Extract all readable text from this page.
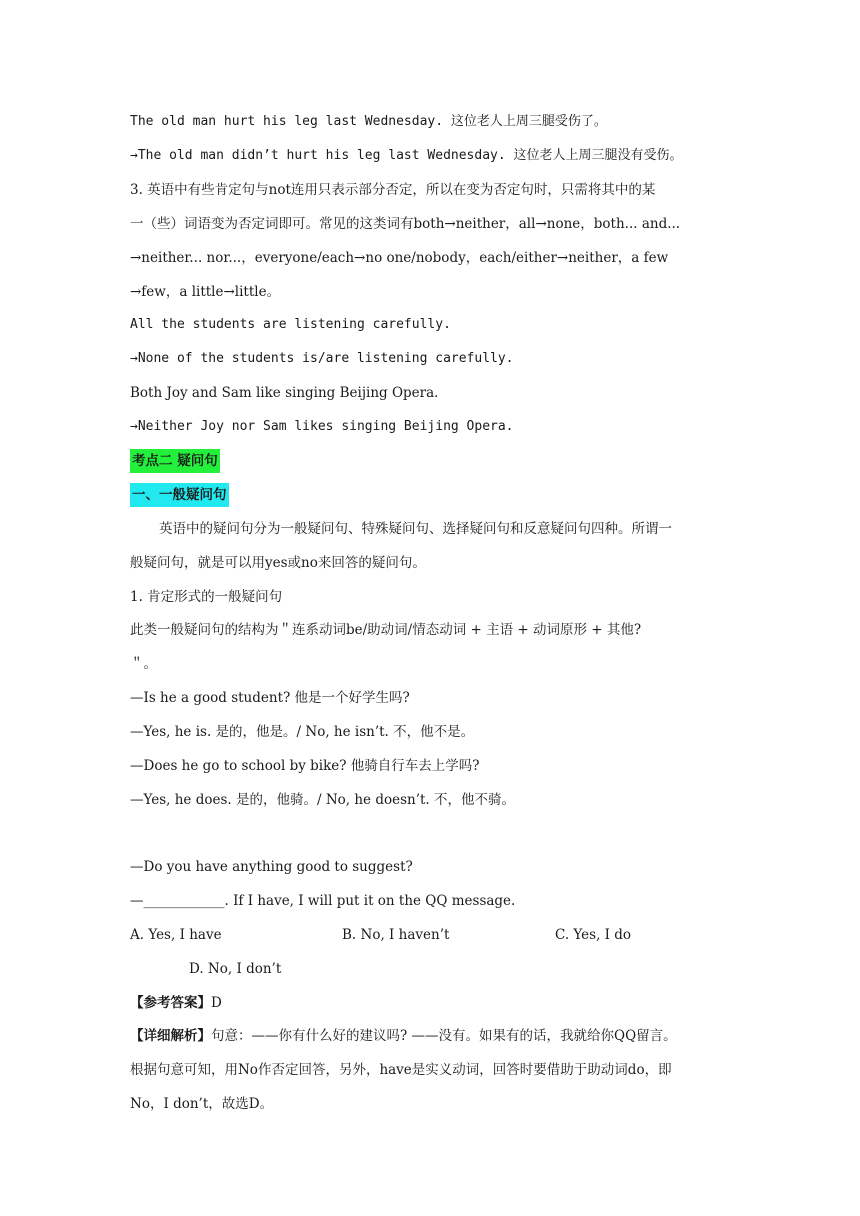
The old man hurt his leg last Wednesday. 这位老人上周三腿受伤了。
→The old man didn’t hurt his leg last Wednesday. 这位老人上周三腿没有受伤。
3. 英语中有些肯定句与not连用只表示部分否定，所以在变为否定句时，只需将其中的某
一（些）词语变为否定词即可。常见的这类词有both→neither，all→none，both... and...
→neither... nor...，everyone/each→no one/nobody，each/either→neither，a few
→few，a little→little。
All the students are listening carefully.
→None of the students is/are listening carefully.
Both Joy and Sam like singing Beijing Opera.
→Neither Joy nor Sam likes singing Beijing Opera.
考点二 疑问句
一、一般疑问句
英语中的疑问句分为一般疑问句、特殊疑问句、选择疑问句和反意疑问句四种。所谓一
般疑问句，就是可以用yes或no来回答的疑问句。
1. 肯定形式的一般疑问句
此类一般疑问句的结构为＂连系动词be/助动词/情态动词 + 主语 + 动词原形 + 其他?
＂。
—Is he a good student? 他是一个好学生吗?
—Yes, he is. 是的，他是。/ No, he isn’t. 不，他不是。
—Does he go to school by bike? 他骑自行车去上学吗?
—Yes, he does. 是的，他骑。/ No, he doesn’t. 不，他不骑。
—Do you have anything good to suggest?
—____________. If I have, I will put it on the QQ message.
A. Yes, I have	B. No, I haven’t	C. Yes, I do
D. No, I don’t
【参考答案】D
【详细解析】句意：——你有什么好的建议吗? ——没有。如果有的话，我就给你QQ留言。
根据句意可知，用No作否定回答，另外，have是实义动词，回答时要借助于助动词do，即
No，I don’t，故选D。
